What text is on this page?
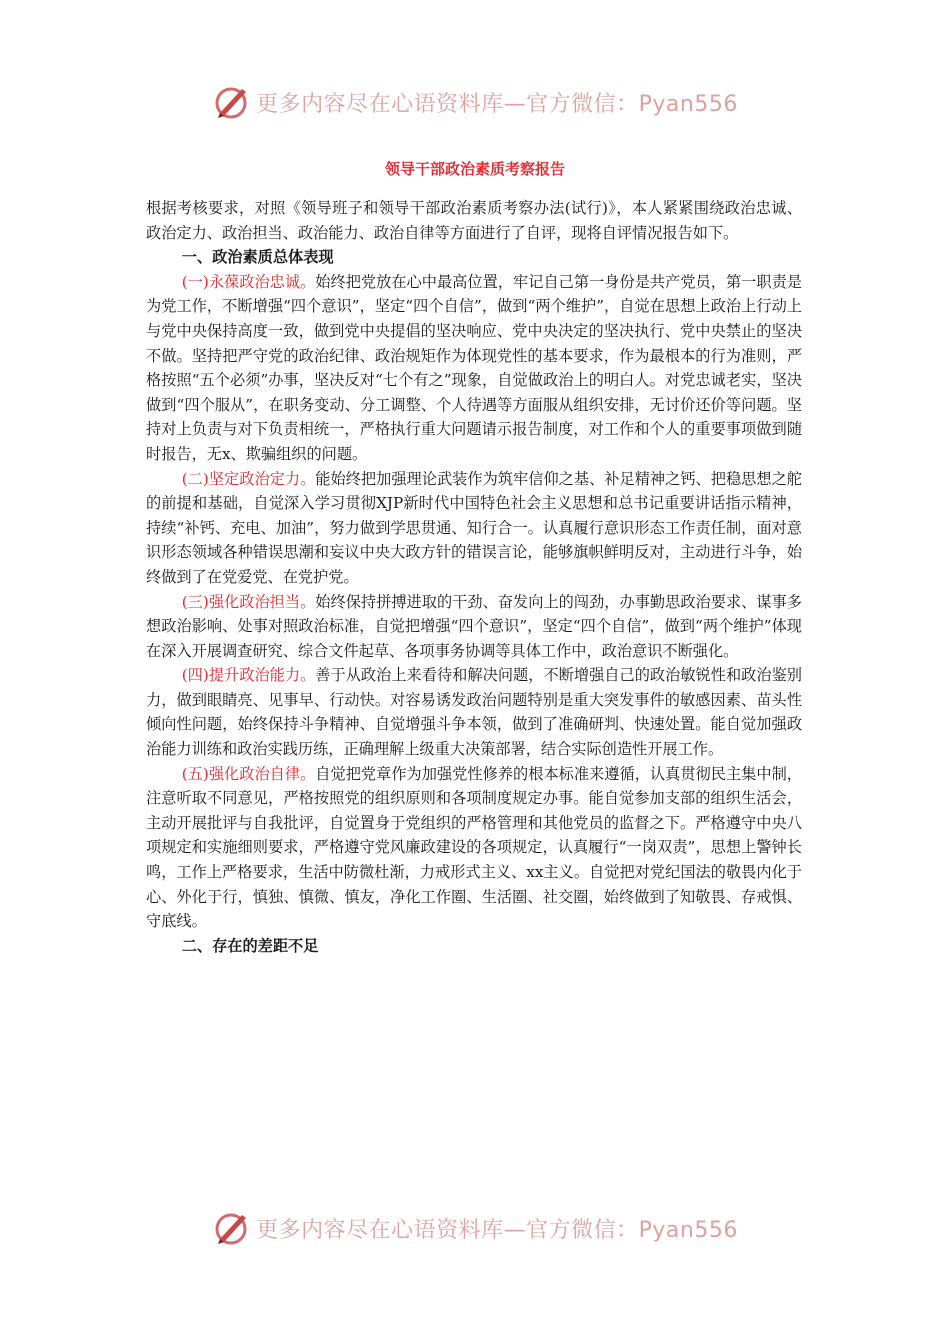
更多内容尽在心语资料库—官方微信：Pyan556
领导干部政治素质考察报告

根据考核要求，对照《领导班子和领导干部政治素质考察办法(试行)》，本人紧紧围绕政治忠诚、政治定力、政治担当、政治能力、政治自律等方面进行了自评，现将自评情况报告如下。

一、政治素质总体表现

(一)永葆政治忠诚。始终把党放在心中最高位置，牢记自己第一身份是共产党员，第一职责是为党工作，不断增强“四个意识”，坚定“四个自信”，做到“两个维护”，自觉在思想上政治上行动上与党中央保持高度一致，做到党中央提倡的坚决响应、党中央决定的坚决执行、党中央禁止的坚决不做。坚持把严守党的政治纪律、政治规矩作为体现党性的基本要求，作为最根本的行为准则，严格按照“五个必须”办事，坚决反对“七个有之”现象，自觉做政治上的明白人。对党忠诚老实，坚决做到“四个服从”，在职务变动、分工调整、个人待遇等方面服从组织安排，无讨价还价等问题。坚持对上负责与对下负责相统一，严格执行重大问题请示报告制度，对工作和个人的重要事项做到随时报告，无x、欺骗组织的问题。

(二)坚定政治定力。能始终把加强理论武装作为筑牢信仰之基、补足精神之钙、把稳思想之舵的前提和基础，自觉深入学习贯彻XJP新时代中国特色社会主义思想和总书记重要讲话指示精神，持续“补钙、充电、加油”，努力做到学思贯通、知行合一。认真履行意识形态工作责任制，面对意识形态领域各种错误思潮和妄议中央大政方针的错误言论，能够旗帜鲜明反对，主动进行斗争，始终做到了在党爱党、在党护党。

(三)强化政治担当。始终保持拼搏进取的干劲、奋发向上的闯劲，办事勤思政治要求、谋事多想政治影响、处事对照政治标准，自觉把增强“四个意识”，坚定“四个自信”，做到“两个维护”体现在深入开展调查研究、综合文件起草、各项事务协调等具体工作中，政治意识不断强化。

(四)提升政治能力。善于从政治上来看待和解决问题，不断增强自己的政治敏锐性和政治鉴别力，做到眼睛亮、见事早、行动快。对容易诱发政治问题特别是重大突发事件的敏感因素、苗头性倾向性问题，始终保持斗争精神、自觉增强斗争本领，做到了准确研判、快速处置。能自觉加强政治能力训练和政治实践历练，正确理解上级重大决策部署，结合实际创造性开展工作。

(五)强化政治自律。自觉把党章作为加强党性修养的根本标准来遵循，认真贯彻民主集中制，注意听取不同意见，严格按照党的组织原则和各项制度规定办事。能自觉参加支部的组织生活会，主动开展批评与自我批评，自觉置身于党组织的严格管理和其他党员的监督之下。严格遵守中央八项规定和实施细则要求，严格遵守党风廉政建设的各项规定，认真履行“一岗双责”，思想上警钟长鸣，工作上严格要求，生活中防微杜渐，力戒形式主义、xx主义。自觉把对党纪国法的敬畏内化于心、外化于行，慎独、慎微、慎友，净化工作圈、生活圈、社交圈，始终做到了知敬畏、存戒惧、守底线。

二、存在的差距不足

更多内容尽在心语资料库—官方微信：Pyan556
